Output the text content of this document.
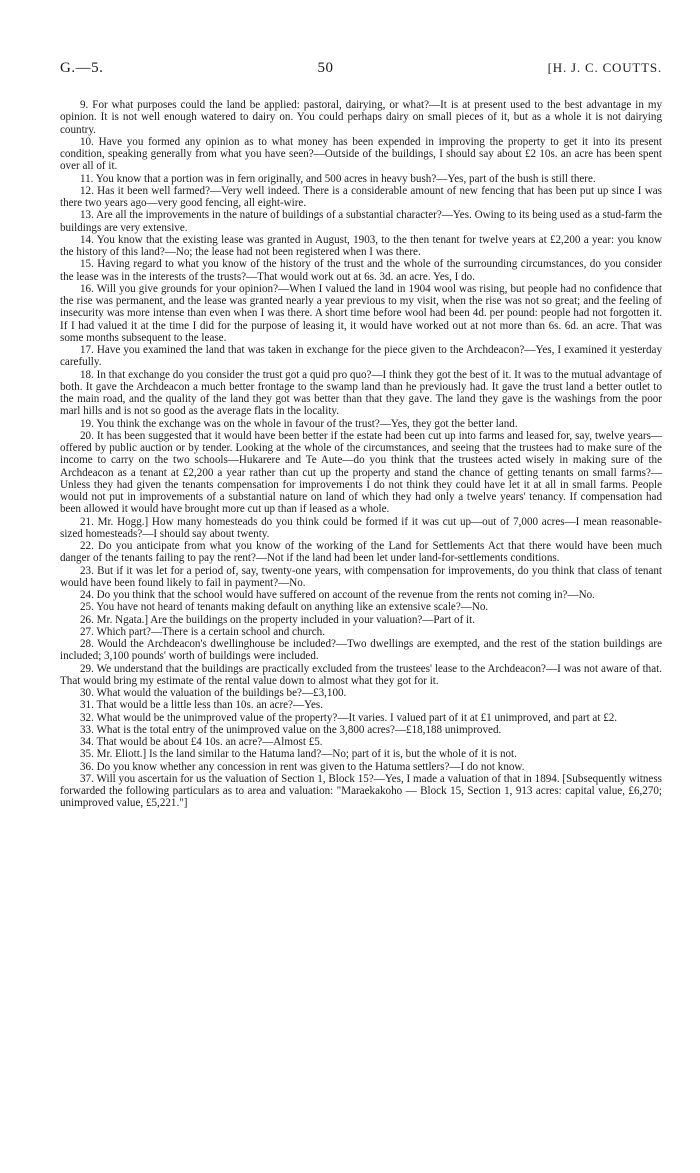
G.—5.	50	[H. J. C. COUTTS.

9. For what purposes could the land be applied: pastoral, dairying, or what?—It is at present used to the best advantage in my opinion. It is not well enough watered to dairy on. You could perhaps dairy on small pieces of it, but as a whole it is not dairying country.

10. Have you formed any opinion as to what money has been expended in improving the property to get it into its present condition, speaking generally from what you have seen?—Outside of the buildings, I should say about £2 10s. an acre has been spent over all of it.

11. You know that a portion was in fern originally, and 500 acres in heavy bush?—Yes, part of the bush is still there.

12. Has it been well farmed?—Very well indeed. There is a considerable amount of new fencing that has been put up since I was there two years ago—very good fencing, all eight-wire.

13. Are all the improvements in the nature of buildings of a substantial character?—Yes. Owing to its being used as a stud-farm the buildings are very extensive.

14. You know that the existing lease was granted in August, 1903, to the then tenant for twelve years at £2,200 a year: you know the history of this land?—No; the lease had not been registered when I was there.

15. Having regard to what you know of the history of the trust and the whole of the surrounding circumstances, do you consider the lease was in the interests of the trusts?—That would work out at 6s. 3d. an acre. Yes, I do.

16. Will you give grounds for your opinion?—When I valued the land in 1904 wool was rising, but people had no confidence that the rise was permanent, and the lease was granted nearly a year previous to my visit, when the rise was not so great; and the feeling of insecurity was more intense than even when I was there. A short time before wool had been 4d. per pound: people had not forgotten it. If I had valued it at the time I did for the purpose of leasing it, it would have worked out at not more than 6s. 6d. an acre. That was some months subsequent to the lease.

17. Have you examined the land that was taken in exchange for the piece given to the Archdeacon?—Yes, I examined it yesterday carefully.

18. In that exchange do you consider the trust got a quid pro quo?—I think they got the best of it. It was to the mutual advantage of both. It gave the Archdeacon a much better frontage to the swamp land than he previously had. It gave the trust land a better outlet to the main road, and the quality of the land they got was better than that they gave. The land they gave is the washings from the poor marl hills and is not so good as the average flats in the locality.

19. You think the exchange was on the whole in favour of the trust?—Yes, they got the better land.

20. It has been suggested that it would have been better if the estate had been cut up into farms and leased for, say, twelve years—offered by public auction or by tender. Looking at the whole of the circumstances, and seeing that the trustees had to make sure of the income to carry on the two schools—Hukarere and Te Aute—do you think that the trustees acted wisely in making sure of the Archdeacon as a tenant at £2,200 a year rather than cut up the property and stand the chance of getting tenants on small farms?—Unless they had given the tenants compensation for improvements I do not think they could have let it at all in small farms. People would not put in improvements of a substantial nature on land of which they had only a twelve years' tenancy. If compensation had been allowed it would have brought more cut up than if leased as a whole.

21. Mr. Hogg.] How many homesteads do you think could be formed if it was cut up—out of 7,000 acres—I mean reasonable-sized homesteads?—I should say about twenty.

22. Do you anticipate from what you know of the working of the Land for Settlements Act that there would have been much danger of the tenants failing to pay the rent?—Not if the land had been let under land-for-settlements conditions.

23. But if it was let for a period of, say, twenty-one years, with compensation for improvements, do you think that class of tenant would have been found likely to fail in payment?—No.

24. Do you think that the school would have suffered on account of the revenue from the rents not coming in?—No.

25. You have not heard of tenants making default on anything like an extensive scale?—No.

26. Mr. Ngata.] Are the buildings on the property included in your valuation?—Part of it.

27. Which part?—There is a certain school and church.

28. Would the Archdeacon's dwellinghouse be included?—Two dwellings are exempted, and the rest of the station buildings are included; 3,100 pounds' worth of buildings were included.

29. We understand that the buildings are practically excluded from the trustees' lease to the Archdeacon?—I was not aware of that. That would bring my estimate of the rental value down to almost what they got for it.

30. What would the valuation of the buildings be?—£3,100.

31. That would be a little less than 10s. an acre?—Yes.

32. What would be the unimproved value of the property?—It varies. I valued part of it at £1 unimproved, and part at £2.

33. What is the total entry of the unimproved value on the 3,800 acres?—£18,188 unimproved.

34. That would be about £4 10s. an acre?—Almost £5.

35. Mr. Eliott.] Is the land similar to the Hatuma land?—No; part of it is, but the whole of it is not.

36. Do you know whether any concession in rent was given to the Hatuma settlers?—I do not know.

37. Will you ascertain for us the valuation of Section 1, Block 15?—Yes, I made a valuation of that in 1894. [Subsequently witness forwarded the following particulars as to area and valuation: "Maraekakoho — Block 15, Section 1, 913 acres: capital value, £6,270; unimproved value, £5,221."]
